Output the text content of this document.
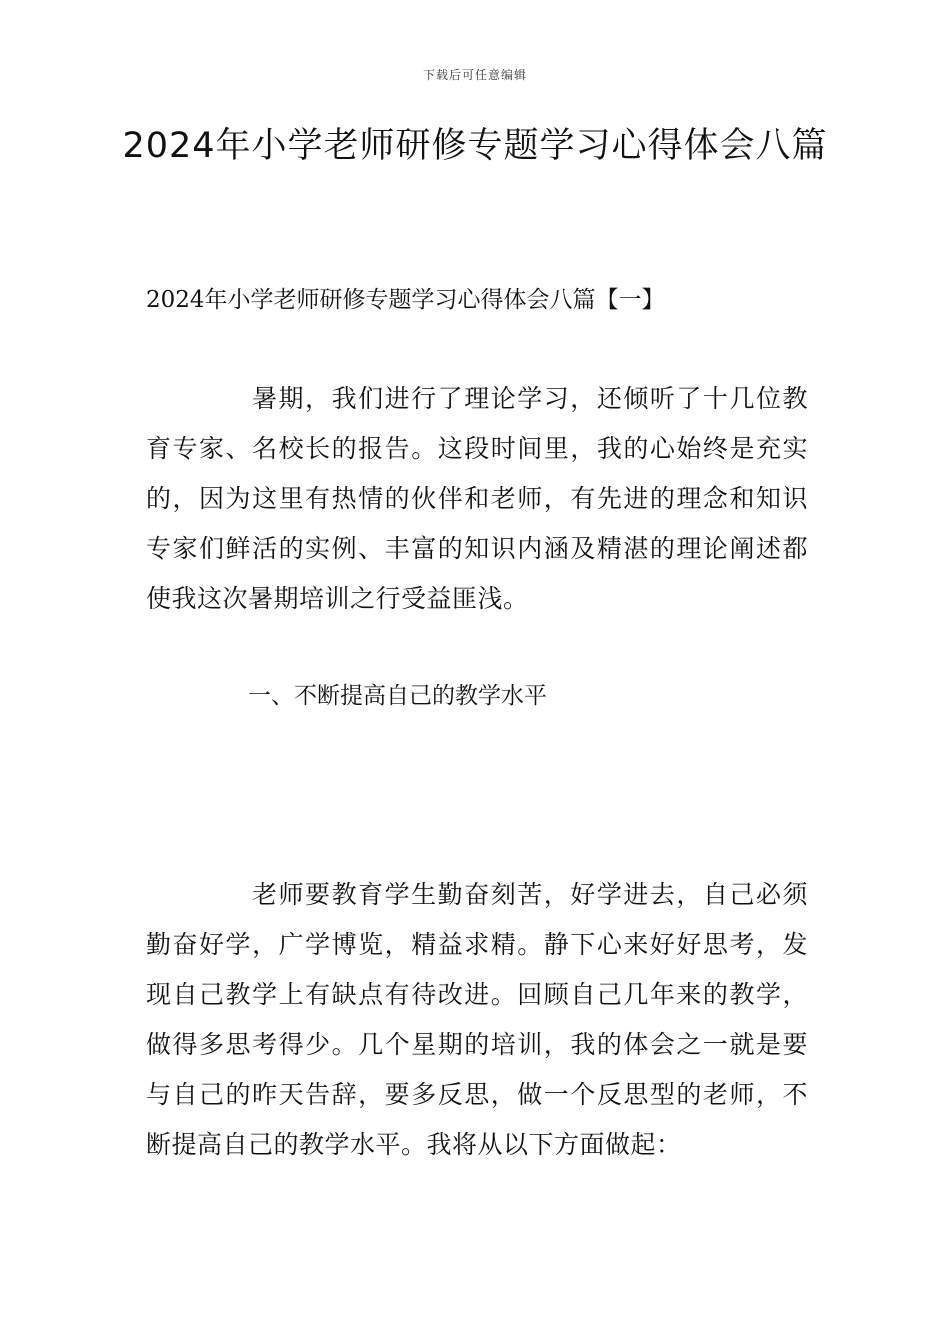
下载后可任意编辑
2024年小学老师研修专题学习心得体会八篇
2024年小学老师研修专题学习心得体会八篇【一】

暑期，我们进行了理论学习，还倾听了十几位教育专家、名校长的报告。这段时间里，我的心始终是充实的，因为这里有热情的伙伴和老师，有先进的理念和知识专家们鲜活的实例、丰富的知识内涵及精湛的理论阐述都使我这次暑期培训之行受益匪浅。

一、不断提高自己的教学水平

老师要教育学生勤奋刻苦，好学进去，自己必须勤奋好学，广学博览，精益求精。静下心来好好思考，发现自己教学上有缺点有待改进。回顾自己几年来的教学，做得多思考得少。几个星期的培训，我的体会之一就是要与自己的昨天告辞，要多反思，做一个反思型的老师，不断提高自己的教学水平。我将从以下方面做起：
